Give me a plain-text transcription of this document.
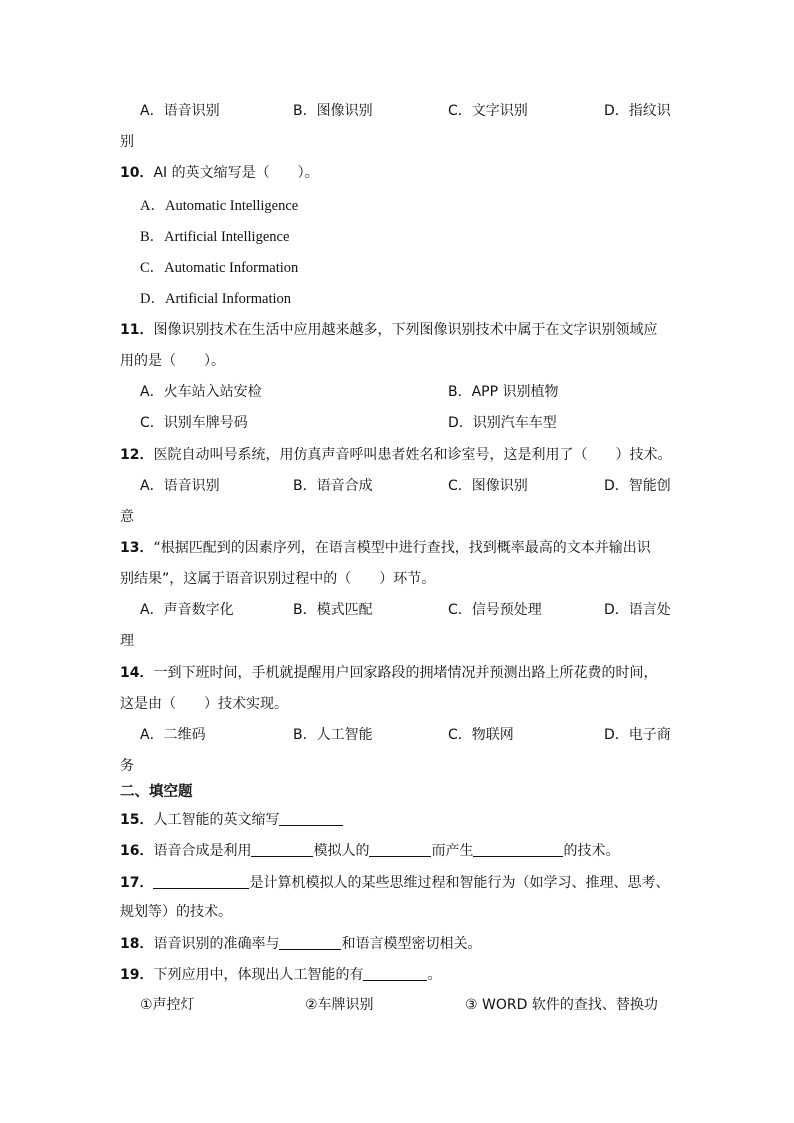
A．语音识别	B．图像识别	C．文字识别	D．指纹识
别
10．AI 的英文缩写是（　　）。
A．Automatic Intelligence
B．Artificial Intelligence
C．Automatic Information
D．Artificial Information
11．图像识别技术在生活中应用越来越多，下列图像识别技术中属于在文字识别领域应
用的是（　　）。
A．火车站入站安检	B．APP 识别植物
C．识别车牌号码	D．识别汽车车型
12．医院自动叫号系统，用仿真声音呼叫患者姓名和诊室号，这是利用了（　　）技术。
A．语音识别	B．语音合成	C．图像识别	D．智能创
意
13．“根据匹配到的因素序列，在语言模型中进行查找，找到概率最高的文本并输出识
别结果”，这属于语音识别过程中的（　　）环节。
A．声音数字化	B．模式匹配	C．信号预处理	D．语言处
理
14．一到下班时间，手机就提醒用户回家路段的拥堵情况并预测出路上所花费的时间，
这是由（　　）技术实现。
A．二维码	B．人工智能	C．物联网	D．电子商
务
二、填空题
15．人工智能的英文缩写
16．语音合成是利用	模拟人的	而产生	的技术。
17．	是计算机模拟人的某些思维过程和智能行为（如学习、推理、思考、
规划等）的技术。
18．语音识别的准确率与	和语言模型密切相关。
19．下列应用中，体现出人工智能的有	。
①声控灯	②车牌识别	③ WORD 软件的查找、替换功
